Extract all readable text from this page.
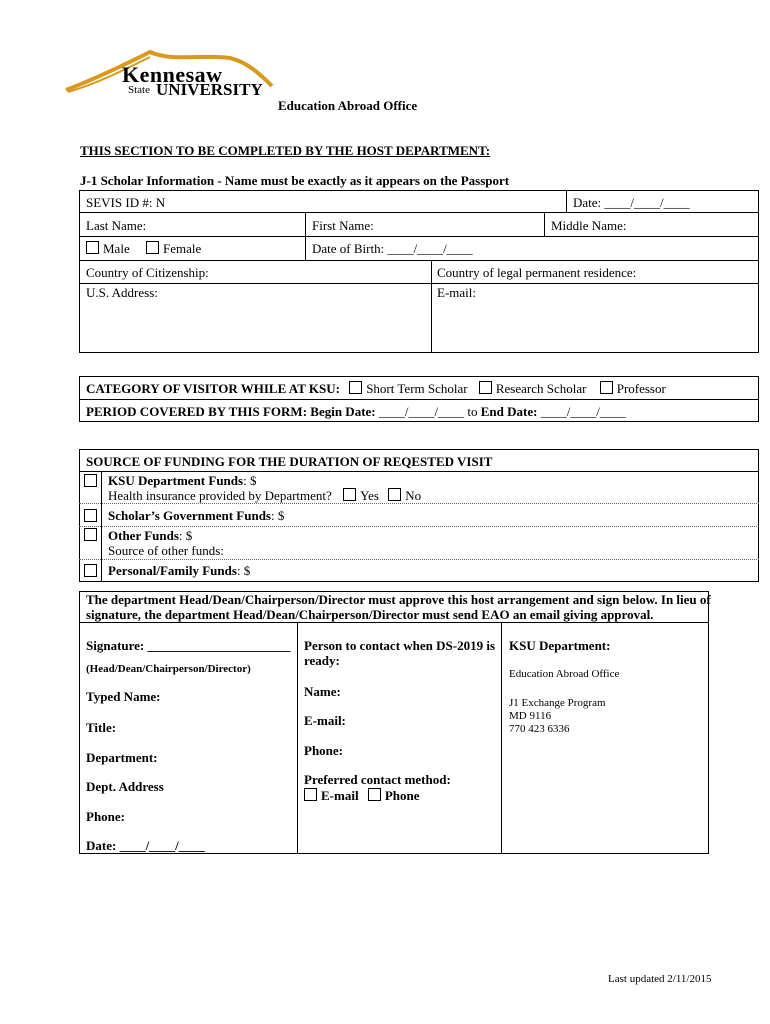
Kennesaw
State UNIVERSITY
Education Abroad Office
THIS SECTION TO BE COMPLETED BY THE HOST DEPARTMENT:
J-1 Scholar Information - Name must be exactly as it appears on the Passport
SEVIS ID #: N	Date: ____/____/____
Last Name:	First Name:	Middle Name:
Male	Female	Date of Birth: ____/____/____
Country of Citizenship:	Country of legal permanent residence:
U.S. Address:	E-mail:
CATEGORY OF VISITOR WHILE AT KSU: Short Term Scholar Research Scholar Professor
PERIOD COVERED BY THIS FORM: Begin Date: ____/____/____ to End Date: ____/____/____
SOURCE OF FUNDING FOR THE DURATION OF REQESTED VISIT
KSU Department Funds: $
Health insurance provided by Department? Yes No
Scholar’s Government Funds: $
Other Funds: $
Source of other funds:
Personal/Family Funds: $
The department Head/Dean/Chairperson/Director must approve this host arrangement and sign below. In lieu of
signature, the department Head/Dean/Chairperson/Director must send EAO an email giving approval.
Signature: ______________________
(Head/Dean/Chairperson/Director)
Typed Name:
Title:
Department:
Dept. Address
Phone:
Date: ____/____/____
Person to contact when DS-2019 is
ready:
Name:
E-mail:
Phone:
Preferred contact method:
E-mail Phone
KSU Department:
Education Abroad Office
J1 Exchange Program
MD 9116
770 423 6336
Last updated 2/11/2015
